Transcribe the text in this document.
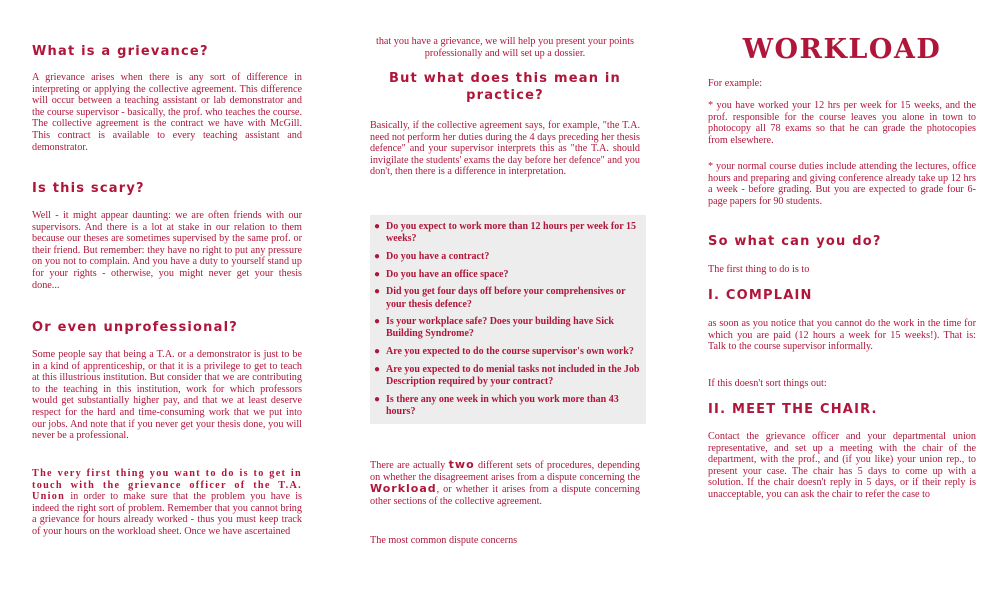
What is a grievance?

A grievance arises when there is any sort of difference in interpreting or applying the collective agreement. This difference will occur between a teaching assistant or lab demonstrator and the course supervisor - basically, the prof. who teaches the course. The collective agreement is the contract we have with McGill. This contract is available to every teaching assistant and demonstrator.

Is this scary?

Well - it might appear daunting: we are often friends with our supervisors. And there is a lot at stake in our relation to them because our theses are sometimes supervised by the same prof. or their friend. But remember: they have no right to put any pressure on you not to complain. And you have a duty to yourself stand up for your rights - otherwise, you might never get your thesis done...

Or even unprofessional?

Some people say that being a T.A. or a demonstrator is just to be in a kind of apprenticeship, or that it is a privilege to get to teach at this illustrious institution. But consider that we are contributing to the teaching in this institution, work for which professors would get substantially higher pay, and that we at least deserve respect for the hard and time-consuming work that we put into our jobs. And note that if you never get your thesis done, you will never be a professional.

The very first thing you want to do is to get in touch with the grievance officer of the T.A. Union in order to make sure that the problem you have is indeed the right sort of problem. Remember that you cannot bring a grievance for hours already worked - thus you must keep track of your hours on the workload sheet. Once we have ascertained

that you have a grievance, we will help you present your points professionally and will set up a dossier.

But what does this mean in practice?

Basically, if the collective agreement says, for example, "the T.A. need not perform her duties during the 4 days preceding her thesis defence" and your supervisor interprets this as "the T.A. should invigilate the students' exams the day before her defence" and you don't, then there is a difference in interpretation.

● Do you expect to work more than 12 hours per week for 15 weeks?
● Do you have a contract?
● Do you have an office space?
● Did you get four days off before your comprehensives or your thesis defence?
● Is your workplace safe? Does your building have Sick Building Syndrome?
● Are you expected to do the course supervisor's own work?
● Are you expected to do menial tasks not included in the Job Description required by your contract?
● Is there any one week in which you work more than 43 hours?

There are actually two different sets of procedures, depending on whether the disagreement arises from a dispute concerning the Workload, or whether it arises from a dispute concerning other sections of the collective agreement.

The most common dispute concerns

WORKLOAD

For example:

* you have worked your 12 hrs per week for 15 weeks, and the prof. responsible for the course leaves you alone in town to photocopy all 78 exams so that he can grade the photocopies from elsewhere.

* your normal course duties include attending the lectures, office hours and preparing and giving conference already take up 12 hrs a week - before grading. But you are expected to grade four 6- page papers for 90 students.

So what can you do?

The first thing to do is to

I. COMPLAIN

as soon as you notice that you cannot do the work in the time for which you are paid (12 hours a week for 15 weeks!). That is: Talk to the course supervisor informally.

If this doesn't sort things out:

II. MEET THE CHAIR.

Contact the grievance officer and your departmental union representative, and set up a meeting with the chair of the department, with the prof., and (if you like) your union rep., to present your case. The chair has 5 days to come up with a solution. If the chair doesn't reply in 5 days, or if their reply is unacceptable, you can ask the chair to refer the case to
